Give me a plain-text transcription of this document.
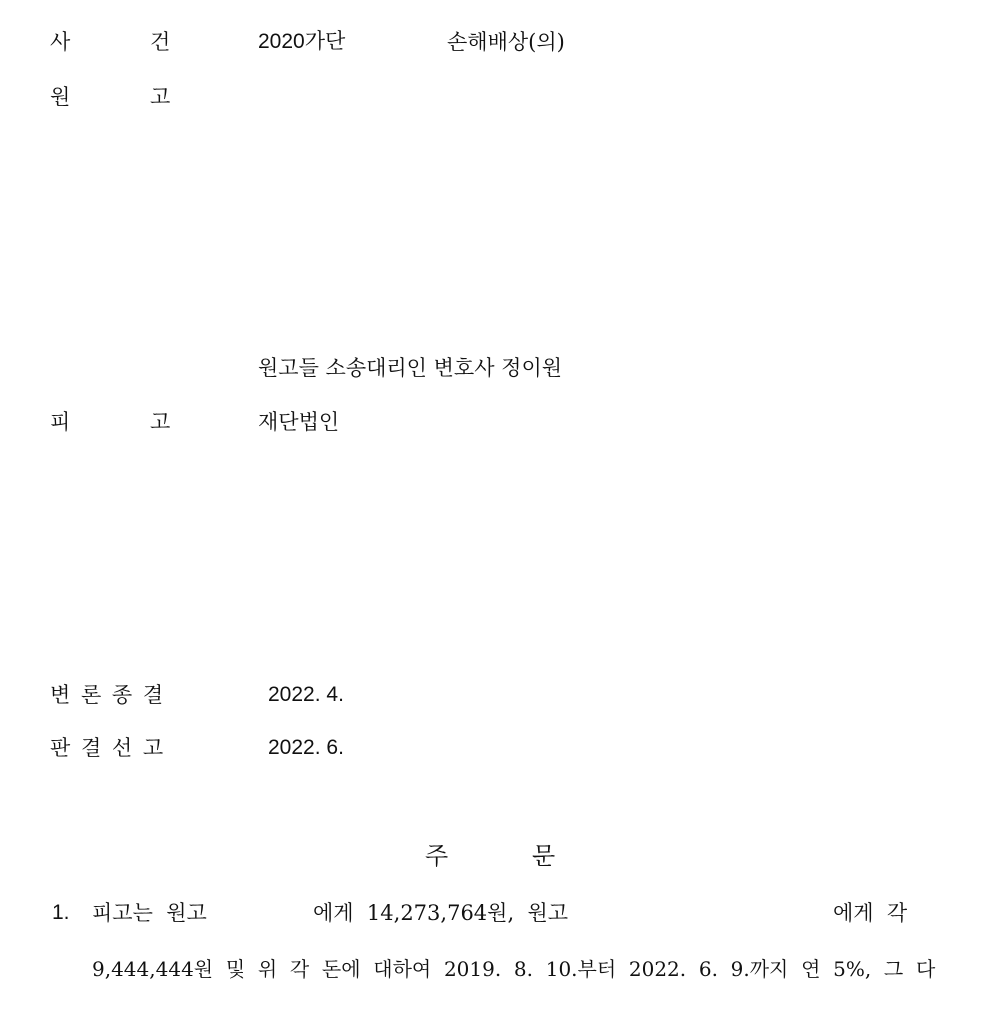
사	건	2020가단	손해배상(의)
원	고
원고들 소송대리인 변호사 정이원
피	고	재단법인
변 론 종 결	2022. 4.
판 결 선 고	2022. 6.
주	문
1. 피고는  원고	에게  14,273,764원,  원고	에게  각
9,444,444원  및  위  각  돈에  대하여  2019.  8.  10.부터  2022.  6.  9.까지  연  5%,  그  다
